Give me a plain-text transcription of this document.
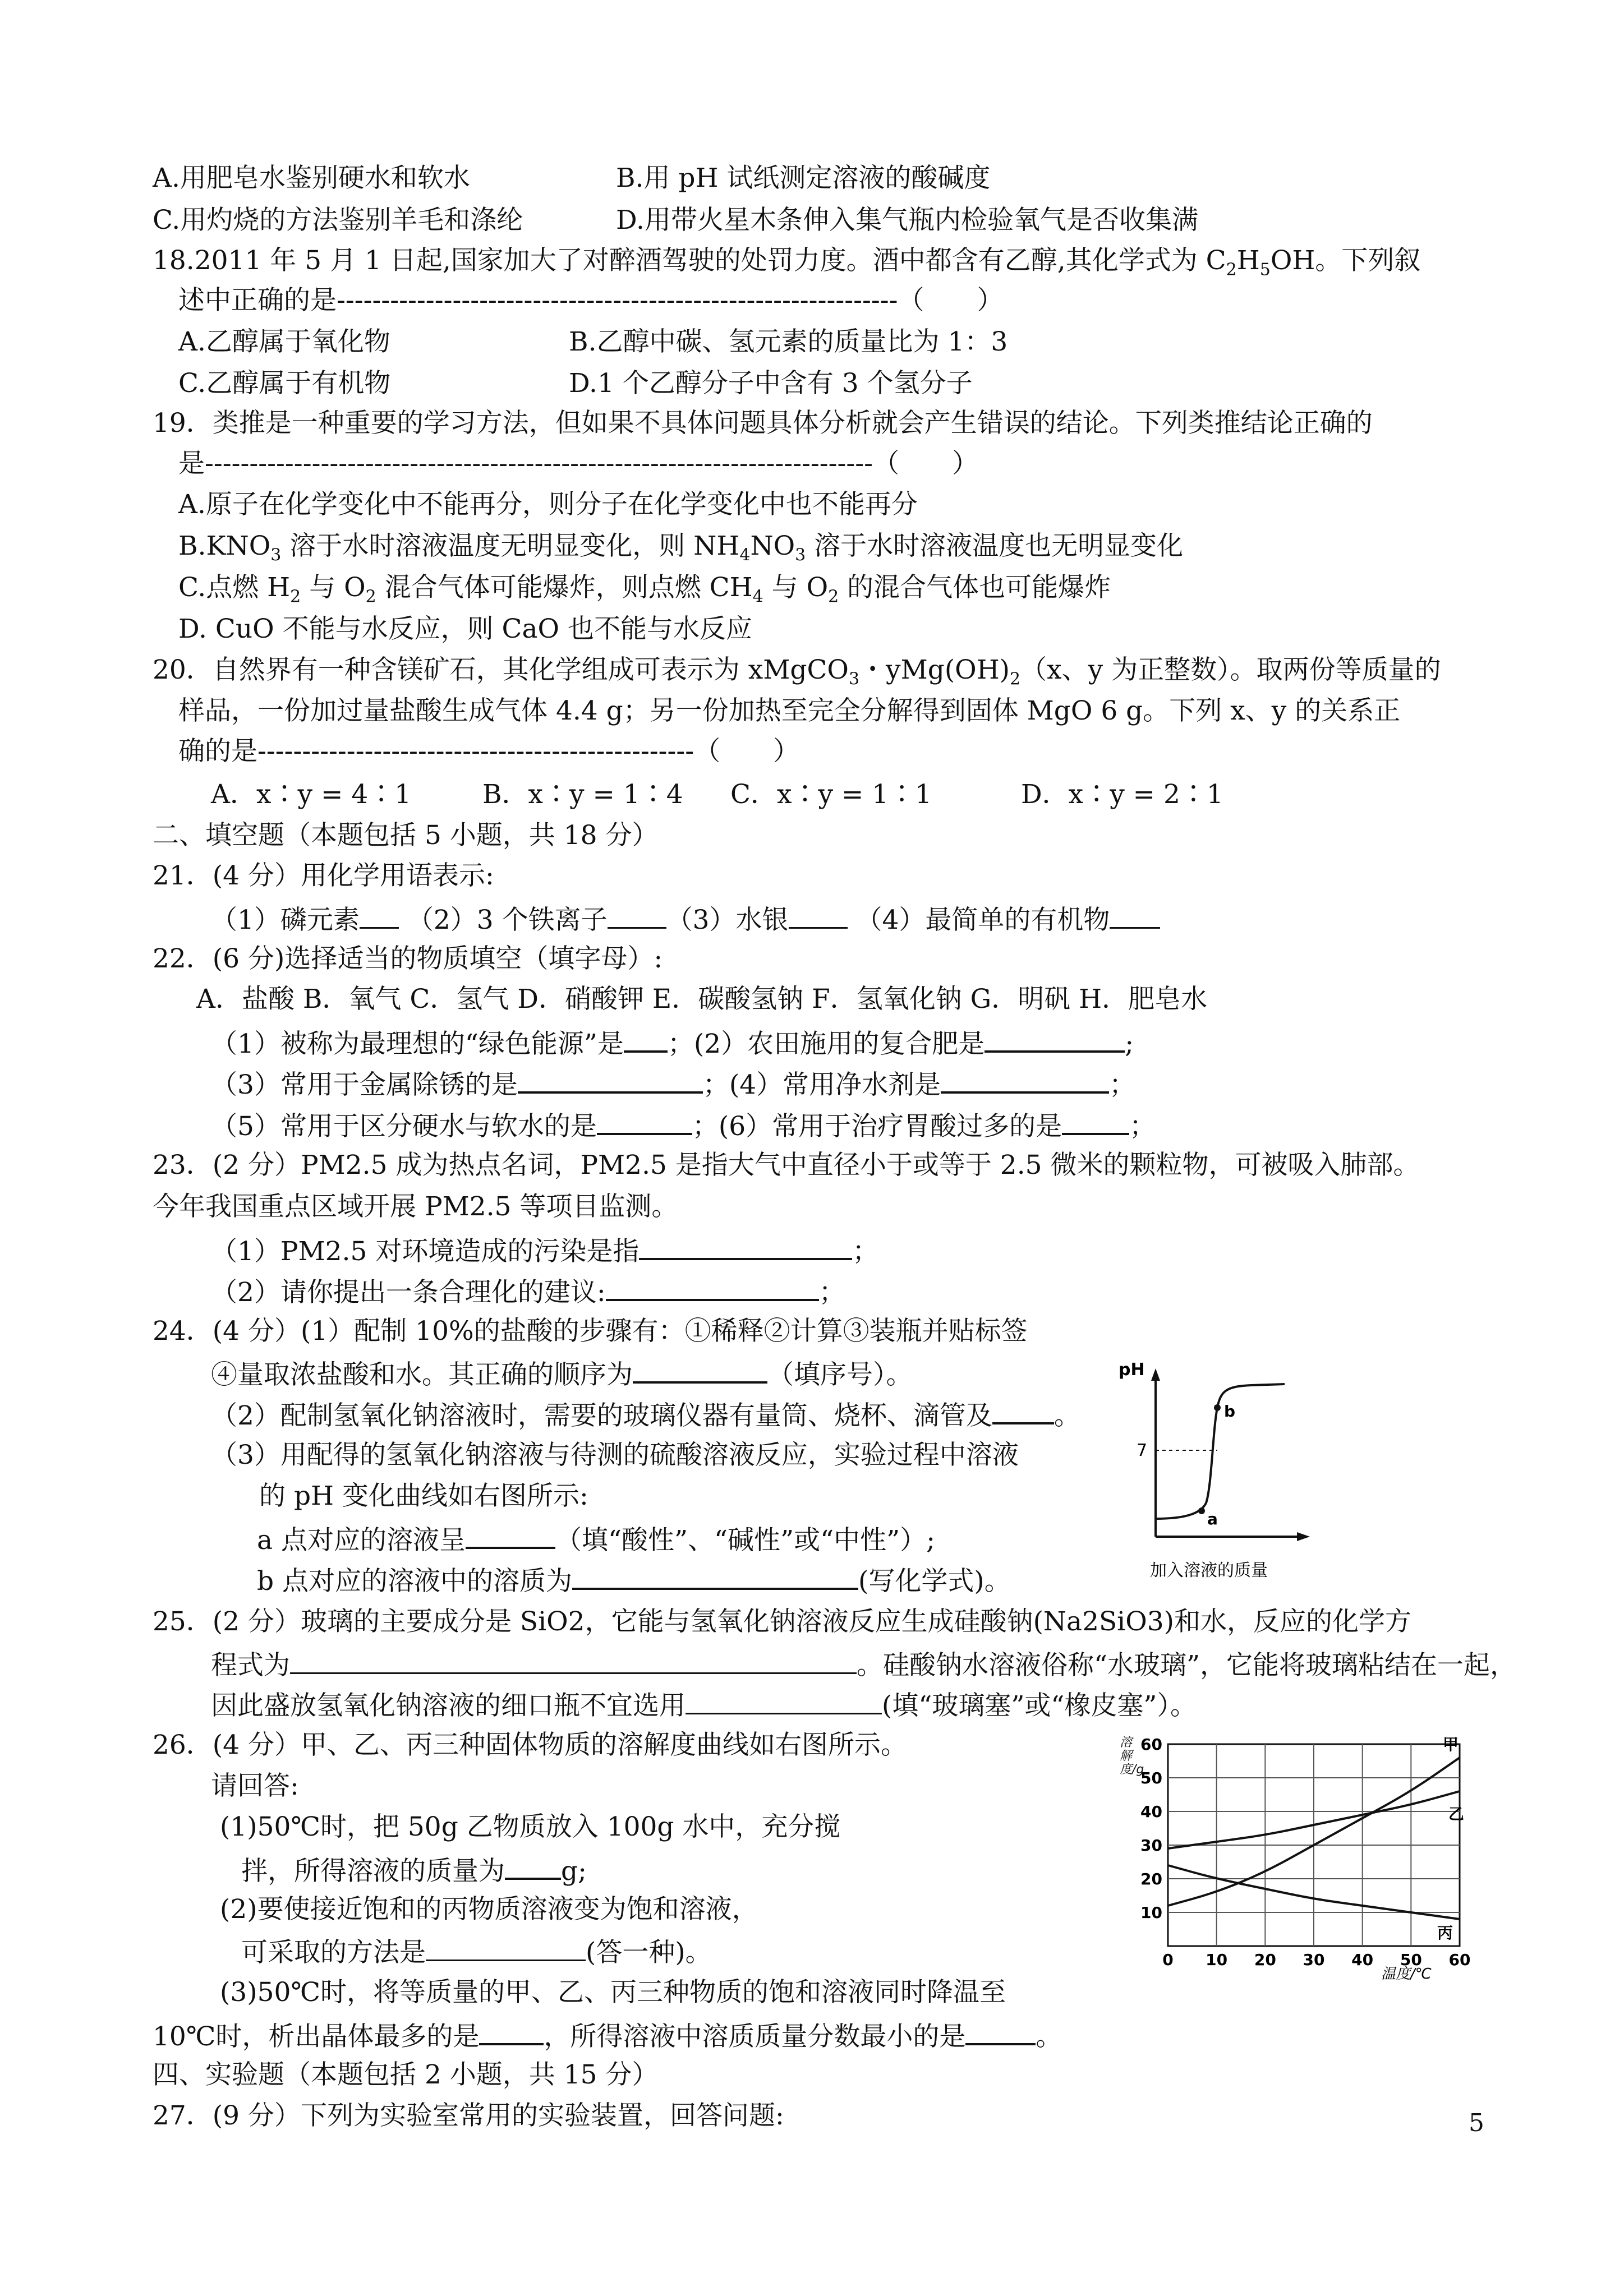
A.用肥皂水鉴别硬水和软水	B.用 pH 试纸测定溶液的酸碱度
C.用灼烧的方法鉴别羊毛和涤纶	D.用带火星木条伸入集气瓶内检验氧气是否收集满
18.2011 年 5 月 1 日起,国家加大了对醉酒驾驶的处罚力度。酒中都含有乙醇,其化学式为 $C_2H_5OH$。下列叙
述中正确的是---------------------------------------------------------------（　　）
A.乙醇属于氧化物	B.乙醇中碳、氢元素的质量比为 1：3
C.乙醇属于有机物	D.1 个乙醇分子中含有 3 个氢分子
19．类推是一种重要的学习方法，但如果不具体问题具体分析就会产生错误的结论。下列类推结论正确的
是---------------------------------------------------------------------------（　　）
A.原子在化学变化中不能再分，则分子在化学变化中也不能再分
$B.KNO_3$ 溶于水时溶液温度无明显变化，则 $NH_4NO_3$ 溶于水时溶液温度也无明显变化
C.点燃 $H_2$ 与 $O_2$ 混合气体可能爆炸，则点燃 $CH_4$ 与 $O_2$ 的混合气体也可能爆炸
D. CuO 不能与水反应，则 CaO 也不能与水反应
20．自然界有一种含镁矿石，其化学组成可表示为 xMgCO$_3$・$yMg(OH)_2(x$、y 为正整数）。取两份等质量的
样品，一份加过量盐酸生成气体 4.4 g；另一份加热至完全分解得到固体 MgO 6 g。下列 x、y 的关系正
确的是-------------------------------------------------（　　）
A．x∶y = 4∶1	B．x∶y = 1∶4 C．x∶y = 1∶1	D．x∶y = 2∶1
二、填空题（本题包括 5 小题，共 18 分）
21．(4 分）用化学用语表示:
（1）磷元素 （2）3 个铁离子 （3）水银	（4）最简单的有机物
22．(6 分)选择适当的物质填空（填字母）:
A．盐酸 B．氧气 C．氢气 D．硝酸钾 E．碳酸氢钠 F．氢氧化钠 G．明矾 H．肥皂水
（1）被称为最理想的“绿色能源”是 ；(2）农田施用的复合肥是	;
（3）常用于金属除锈的是	；(4）常用净水剂是	；
（5）常用于区分硬水与软水的是	；(6）常用于治疗胃酸过多的是	；
23．(2 分）PM2.5 成为热点名词，PM2.5 是指大气中直径小于或等于 2.5 微米的颗粒物，可被吸入肺部。
今年我国重点区域开展 PM2.5 等项目监测。
（1）PM2.5 对环境造成的污染是指	；
（2）请你提出一条合理化的建议:	；
24．(4 分）(1）配制 10%的盐酸的步骤有：①稀释②计算③装瓶并贴标签
④量取浓盐酸和水。其正确的顺序为	（填序号）。
（2）配制氢氧化钠溶液时，需要的玻璃仪器有量筒、烧杯、滴管及 。
（3）用配得的氢氧化钠溶液与待测的硫酸溶液反应，实验过程中溶液
的 pH 变化曲线如右图所示:
a 点对应的溶液呈	（填“酸性”、“碱性”或“中性”）;
b 点对应的溶液中的溶质为	(写化学式)。
pH
7
a
b
加入溶液的质量
25．(2 分）玻璃的主要成分是 SiO2，它能与氢氧化钠溶液反应生成硅酸钠(Na2SiO3)和水，反应的化学方
程式为	。硅酸钠水溶液俗称“水玻璃”，它能将玻璃粘结在一起，
因此盛放氢氧化钠溶液的细口瓶不宜选用	(填“玻璃塞”或“橡皮塞”）。
26．(4 分）甲、乙、丙三种固体物质的溶解度曲线如右图所示。
请回答:
(1)50℃时，把 50g 乙物质放入 100g 水中，充分搅
拌，所得溶液的质量为 g;
(2)要使接近饱和的丙物质溶液变为饱和溶液，
可采取的方法是	(答一种)。
(3)50℃时，将等质量的甲、乙、丙三种物质的饱和溶液同时降温至
10℃时，析出晶体最多的是 ，所得溶液中溶质质量分数最小的是	。
0 10 20 30 40 50 60
10
20
30
40
50
60	甲
乙
丙
温度/℃
溶解度/g
四、实验题（本题包括 2 小题，共 15 分）
27．(9 分）下列为实验室常用的实验装置，回答问题:	5
